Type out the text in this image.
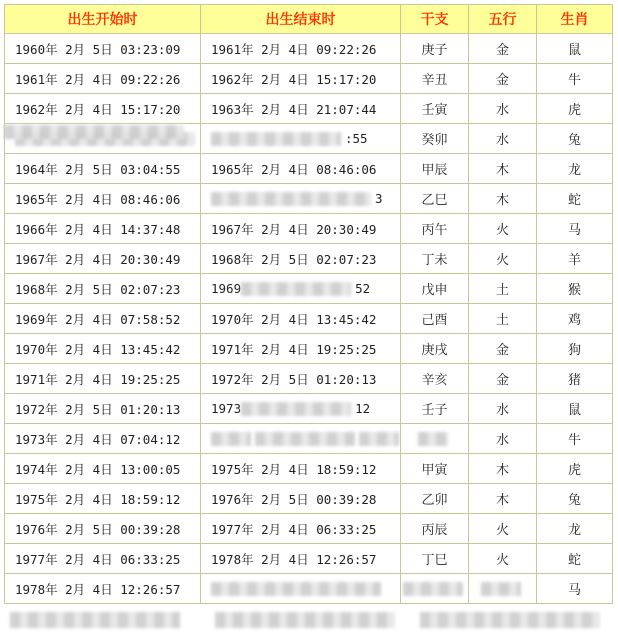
出生开始时	出生结束时	干支	五行	生肖
1960年 2月 5日 03:23:09	1961年 2月 4日 09:22:26	庚子	金	鼠
1961年 2月 4日 09:22:26	1962年 2月 4日 15:17:20	辛丑	金	牛
1962年 2月 4日 15:17:20	1963年 2月 4日 21:07:44	壬寅	水	虎
	:55	癸卯	水	兔
1964年 2月 5日 03:04:55	1965年 2月 4日 08:46:06	甲辰	木	龙
1965年 2月 4日 08:46:06	3	乙巳	木	蛇
1966年 2月 4日 14:37:48	1967年 2月 4日 20:30:49	丙午	火	马
1967年 2月 4日 20:30:49	1968年 2月 5日 02:07:23	丁未	火	羊
1968年 2月 5日 02:07:23	1969 52	戊申	土	猴
1969年 2月 4日 07:58:52	1970年 2月 4日 13:45:42	己酉	土	鸡
1970年 2月 4日 13:45:42	1971年 2月 4日 19:25:25	庚戌	金	狗
1971年 2月 4日 19:25:25	1972年 2月 5日 01:20:13	辛亥	金	猪
1972年 2月 5日 01:20:13	1973 12	壬子	水	鼠
1973年 2月 4日 07:04:12			水	牛
1974年 2月 4日 13:00:05	1975年 2月 4日 18:59:12	甲寅	木	虎
1975年 2月 4日 18:59:12	1976年 2月 5日 00:39:28	乙卯	木	兔
1976年 2月 5日 00:39:28	1977年 2月 4日 06:33:25	丙辰	火	龙
1977年 2月 4日 06:33:25	1978年 2月 4日 12:26:57	丁巳	火	蛇
1978年 2月 4日 12:26:57				马
